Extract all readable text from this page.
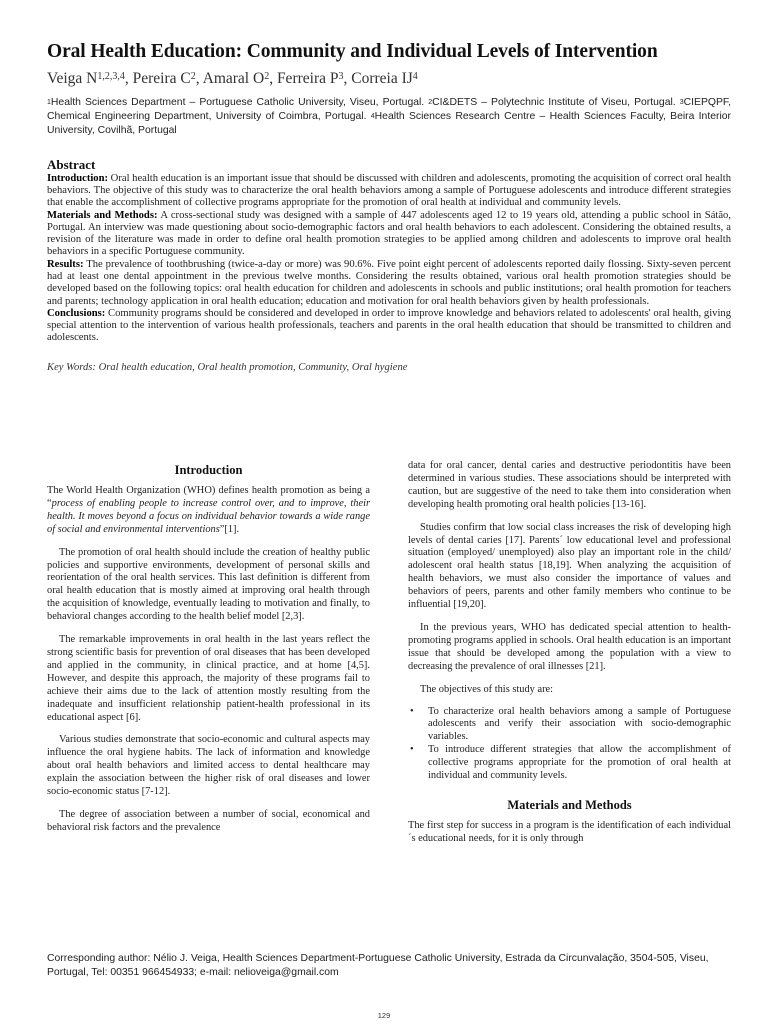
Oral Health Education: Community and Individual Levels of Intervention
Veiga N$^{1,2,3,4}$, Pereira $C^2$, Amaral $O^2$, Ferreira $P^3$, Correia $IJ^4$
$^1$Health Sciences Department – Portuguese Catholic University, Viseu, Portugal. $^2$CI&DETS – Polytechnic Institute of Viseu, Portugal. $^3$CIEPQPF, Chemical Engineering Department, University of Coimbra, Portugal. $^4$Health Sciences Research Centre – Health Sciences Faculty, Beira Interior University, Covilhã, Portugal
Abstract

Introduction: Oral health education is an important issue that should be discussed with children and adolescents, promoting the acquisition of correct oral health behaviors. The objective of this study was to characterize the oral health behaviors among a sample of Portuguese adolescents and introduce different strategies that enable the accomplishment of collective programs appropriate for the promotion of oral health at individual and community levels.

Materials and Methods: A cross-sectional study was designed with a sample of 447 adolescents aged 12 to 19 years old, attending a public school in Sátão, Portugal. An interview was made questioning about socio-demographic factors and oral health behaviors to each adolescent. Considering the obtained results, a revision of the literature was made in order to define oral health promotion strategies to be applied among children and adolescents to improve oral health behaviors in a specific Portuguese community.

Results: The prevalence of toothbrushing (twice-a-day or more) was 90.6%. Five point eight percent of adolescents reported daily flossing. Sixty-seven percent had at least one dental appointment in the previous twelve months. Considering the results obtained, various oral health promotion strategies should be developed based on the following topics: oral health education for children and adolescents in schools and public institutions; oral health promotion for teachers and parents; technology application in oral health education; education and motivation for oral health behaviors given by health professionals.

Conclusions: Community programs should be considered and developed in order to improve knowledge and behaviors related to adolescents' oral health, giving special attention to the intervention of various health professionals, teachers and parents in the oral health education that should be transmitted to children and adolescents.

Key Words: Oral health education, Oral health promotion, Community, Oral hygiene

Introduction

The World Health Organization (WHO) defines health promotion as being a “process of enabling people to increase control over, and to improve, their health. It moves beyond a focus on individual behavior towards a wide range of social and environmental interventions”[1].

The promotion of oral health should include the creation of healthy public policies and supportive environments, development of personal skills and reorientation of the oral health services. This last definition is different from oral health education that is mostly aimed at improving oral health through the acquisition of knowledge, eventually leading to motivation and finally, to behavioral changes according to the health belief model [2,3].

The remarkable improvements in oral health in the last years reflect the strong scientific basis for prevention of oral diseases that has been developed and applied in the community, in clinical practice, and at home [4,5]. However, and despite this approach, the majority of these programs fail to achieve their aims due to the lack of attention mostly resulting from the inadequate and insufficient relationship patient-health professional in its educational aspect [6].

Various studies demonstrate that socio-economic and cultural aspects may influence the oral hygiene habits. The lack of information and knowledge about oral health behaviors and limited access to dental healthcare may explain the association between the higher risk of oral diseases and lower socio-economic status [7-12].

The degree of association between a number of social, economical and behavioral risk factors and the prevalence

data for oral cancer, dental caries and destructive periodontitis have been determined in various studies. These associations should be interpreted with caution, but are suggestive of the need to take them into consideration when developing health promoting oral health policies [13-16].

Studies confirm that low social class increases the risk of developing high levels of dental caries [17]. Parents´ low educational level and professional situation (employed/ unemployed) also play an important role in the child/ adolescent oral health status [18,19]. When analyzing the acquisition of health behaviors, we must also consider the importance of values and behaviors of peers, parents and other family members who continue to be influential [19,20].

In the previous years, WHO has dedicated special attention to health-promoting programs applied in schools. Oral health education is an important issue that should be developed among the population with a view to decreasing the prevalence of oral illnesses [21].

The objectives of this study are:

• To characterize oral health behaviors among a sample of Portuguese adolescents and verify their association with socio-demographic variables.
• To introduce different strategies that allow the accomplishment of collective programs appropriate for the promotion of oral health at individual and community levels.
Materials and Methods

The first step for success in a program is the identification of each individual´s educational needs, for it is only through

Corresponding author: Nélio J. Veiga, Health Sciences Department-Portuguese Catholic University, Estrada da Circunvalação, 3504-505, Viseu, Portugal, Tel: 00351 966454933; e-mail: nelioveiga@gmail.com
129
